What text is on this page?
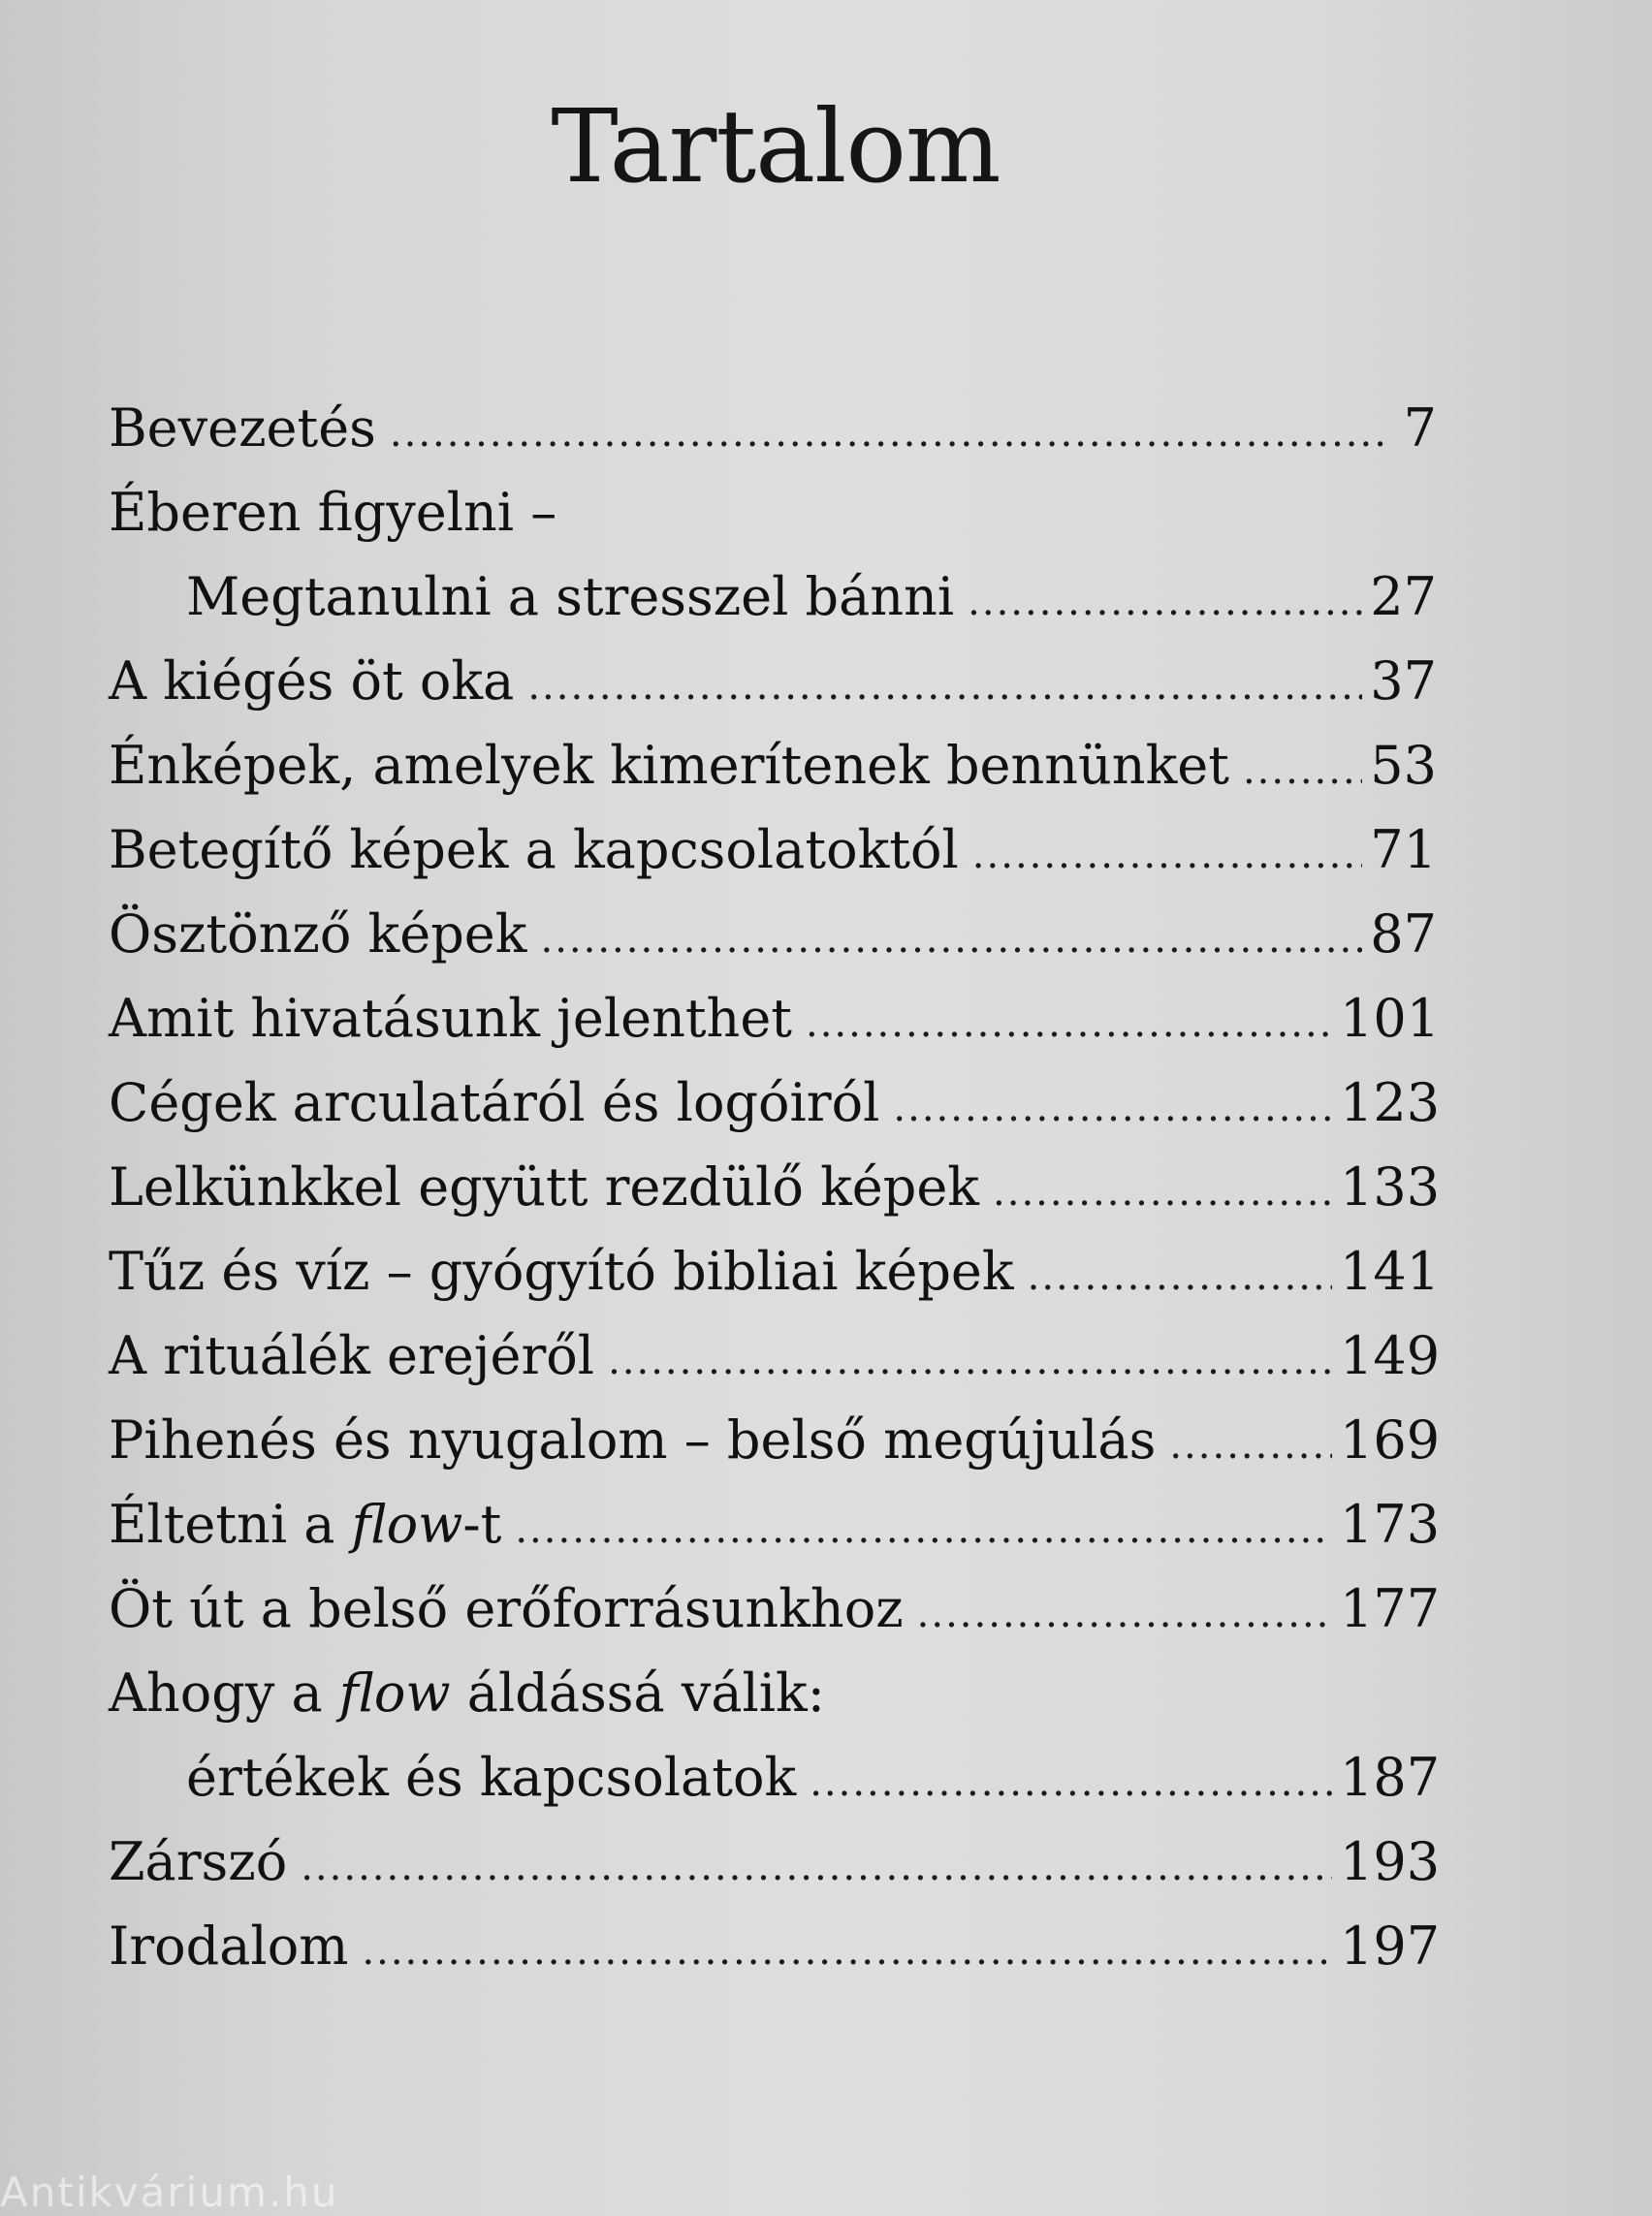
Tartalom
Bevezetés .....	7
Éberen figyelni –
Megtanulni a stresszel bánni .....	27
A kiégés öt oka .....	37
Énképek, amelyek kimerítenek bennünket .....	53
Betegítő képek a kapcsolatoktól .....	71
Ösztönző képek .....	87
Amit hivatásunk jelenthet .....	101
Cégek arculatáról és logóiról .....	123
Lelkünkkel együtt rezdülő képek .....	133
Tűz és víz – gyógyító bibliai képek .....	141
A rituálék erejéről .....	149
Pihenés és nyugalom – belső megújulás .....	169
Éltetni a flow-t .....	173
Öt út a belső erőforrásunkhoz .....	177
Ahogy a flow áldássá válik:
értékek és kapcsolatok .....	187
Zárszó .....	193
Irodalom .....	197
Antikvárium.hu
